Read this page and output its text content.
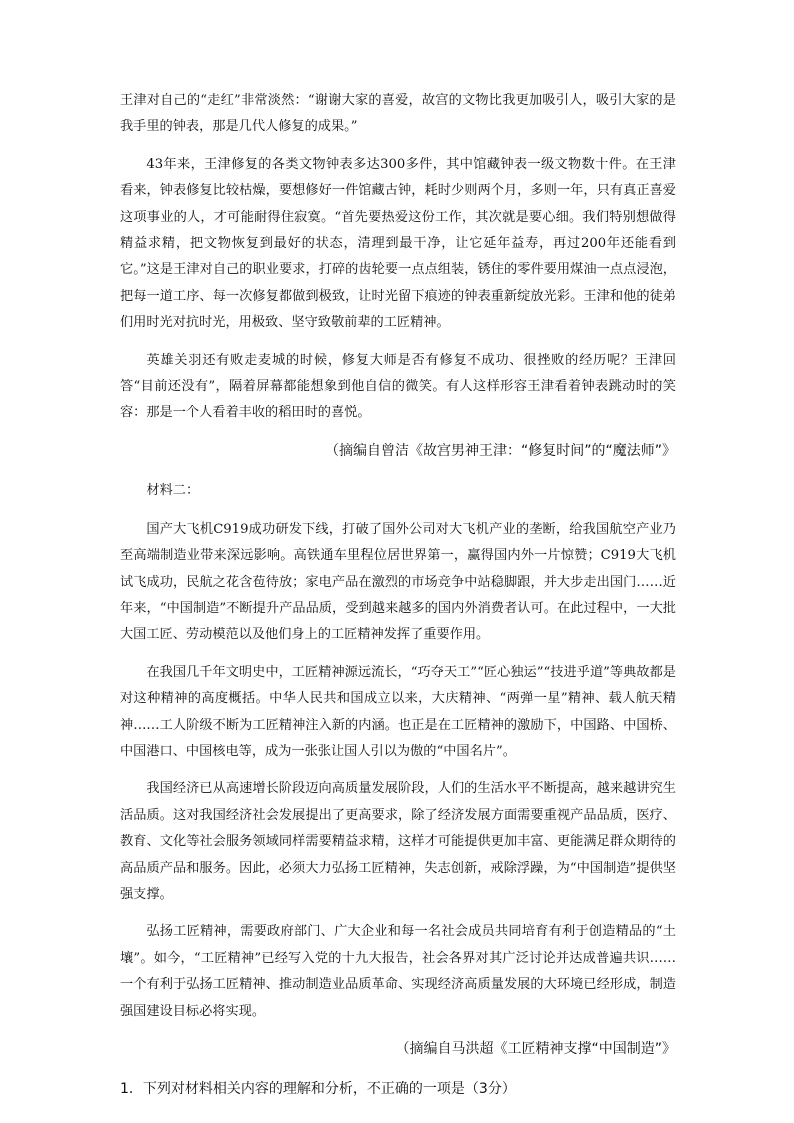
王津对自己的“走红”非常淡然：“谢谢大家的喜爱，故宫的文物比我更加吸引人，吸引大家的是我手里的钟表，那是几代人修复的成果。”

43年来，王津修复的各类文物钟表多达300多件，其中馆藏钟表一级文物数十件。在王津看来，钟表修复比较枯燥，要想修好一件馆藏古钟，耗时少则两个月，多则一年，只有真正喜爱这项事业的人，才可能耐得住寂寞。“首先要热爱这份工作，其次就是要心细。我们特别想做得精益求精，把文物恢复到最好的状态，清理到最干净，让它延年益寿，再过200年还能看到它。”这是王津对自己的职业要求，打碎的齿轮要一点点组装，锈住的零件要用煤油一点点浸泡，把每一道工序、每一次修复都做到极致，让时光留下痕迹的钟表重新绽放光彩。王津和他的徒弟们用时光对抗时光，用极致、坚守致敬前辈的工匠精神。

英雄关羽还有败走麦城的时候，修复大师是否有修复不成功、很挫败的经历呢？王津回答“目前还没有”，隔着屏幕都能想象到他自信的微笑。有人这样形容王津看着钟表跳动时的笑容：那是一个人看着丰收的稻田时的喜悦。

（摘编自曾洁《故宫男神王津：“修复时间”的“魔法师”》

材料二：

国产大飞机C919成功研发下线，打破了国外公司对大飞机产业的垄断，给我国航空产业乃至高端制造业带来深远影响。高铁通车里程位居世界第一，赢得国内外一片惊赞；C919大飞机试飞成功，民航之花含苞待放；家电产品在激烈的市场竞争中站稳脚跟，并大步走出国门……近年来，“中国制造”不断提升产品品质，受到越来越多的国内外消费者认可。在此过程中，一大批大国工匠、劳动模范以及他们身上的工匠精神发挥了重要作用。

在我国几千年文明史中，工匠精神源远流长，“巧夺天工”“匠心独运”“技进乎道”等典故都是对这种精神的高度概括。中华人民共和国成立以来，大庆精神、“两弹一星”精神、载人航天精神……工人阶级不断为工匠精神注入新的内涵。也正是在工匠精神的激励下，中国路、中国桥、中国港口、中国核电等，成为一张张让国人引以为傲的“中国名片”。

我国经济已从高速增长阶段迈向高质量发展阶段，人们的生活水平不断提高，越来越讲究生活品质。这对我国经济社会发展提出了更高要求，除了经济发展方面需要重视产品品质，医疗、教育、文化等社会服务领域同样需要精益求精，这样才可能提供更加丰富、更能满足群众期待的高品质产品和服务。因此，必须大力弘扬工匠精神，失志创新，戒除浮躁，为“中国制造”提供坚强支撑。

弘扬工匠精神，需要政府部门、广大企业和每一名社会成员共同培育有利于创造精品的“土壤”。如今，“工匠精神”已经写入党的十九大报告，社会各界对其广泛讨论并达成普遍共识……一个有利于弘扬工匠精神、推动制造业品质革命、实现经济高质量发展的大环境已经形成，制造强国建设目标必将实现。

（摘编自马洪超《工匠精神支撑“中国制造”》

1．下列对材料相关内容的理解和分析，不正确的一项是（3分）
